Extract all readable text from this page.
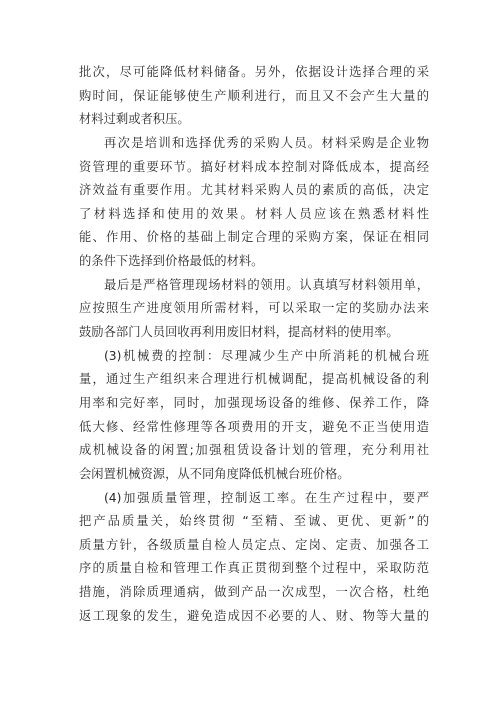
批次，尽可能降低材料储备。另外，依据设计选择合理的采
购时间，保证能够使生产顺利进行，而且又不会产生大量的
材料过剩或者积压。
再次是培训和选择优秀的采购人员。材料采购是企业物
资管理的重要环节。搞好材料成本控制对降低成本，提高经
济效益有重要作用。尤其材料采购人员的素质的高低，决定
了材料选择和使用的效果。材料人员应该在熟悉材料性
能、作用、价格的基础上制定合理的采购方案，保证在相同
的条件下选择到价格最低的材料。
最后是严格管理现场材料的领用。认真填写材料领用单，
应按照生产进度领用所需材料，可以采取一定的奖励办法来
鼓励各部门人员回收再利用废旧材料，提高材料的使用率。
(3)机械费的控制：尽理减少生产中所消耗的机械台班
量，通过生产组织来合理进行机械调配，提高机械设备的利
用率和完好率，同时，加强现场设备的维修、保养工作，降
低大修、经常性修理等各项费用的开支，避免不正当使用造
成机械设备的闲置;加强租赁设备计划的管理，充分利用社
会闲置机械资源，从不同角度降低机械台班价格。
(4)加强质量管理，控制返工率。在生产过程中，要严
把产品质量关，始终贯彻 “至精、至诚、更优、更新”的
质量方针，各级质量自检人员定点、定岗、定责、加强各工
序的质量自检和管理工作真正贯彻到整个过程中，采取防范
措施，消除质理通病，做到产品一次成型，一次合格，杜绝
返工现象的发生，避免造成因不必要的人、财、物等大量的
